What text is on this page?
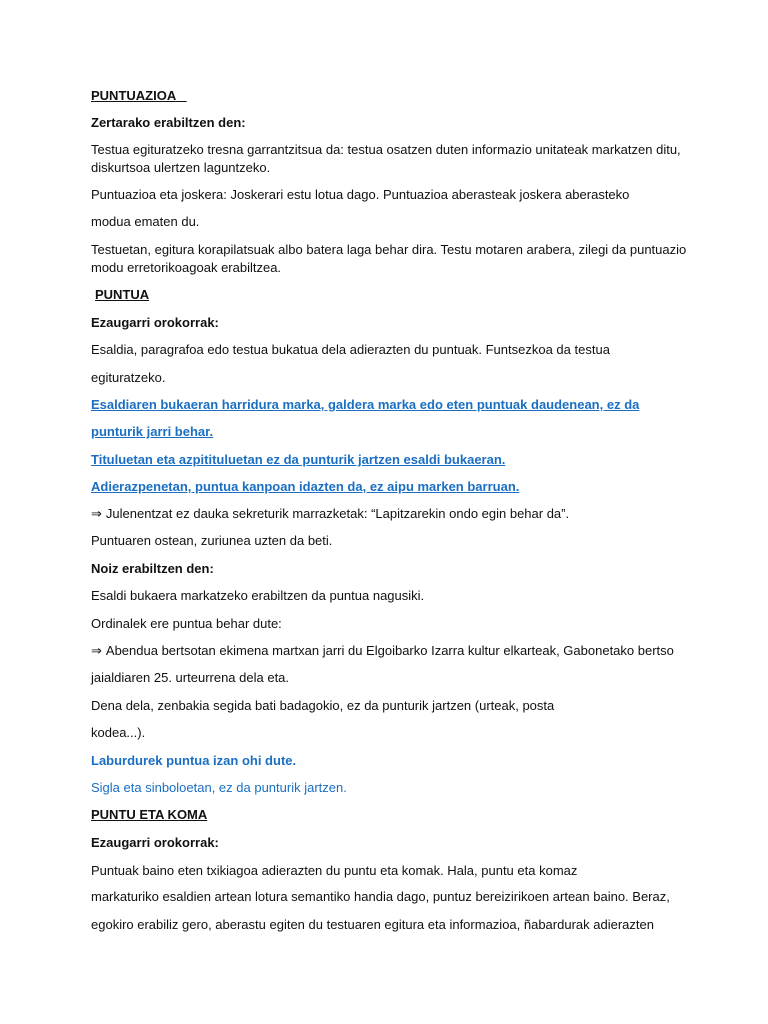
PUNTUAZIOA
Zertarako erabiltzen den:
Testua egituratzeko tresna garrantzitsua da: testua osatzen duten informazio unitateak markatzen ditu,
diskurtsoa ulertzen laguntzeko.
Puntuazioa eta joskera: Joskerari estu lotua dago. Puntuazioa aberasteak joskera aberasteko
modua ematen du.
Testuetan, egitura korapilatsuak albo batera laga behar dira. Testu motaren arabera, zilegi da puntuazio
modu erretorikoagoak erabiltzea.
PUNTUA
Ezaugarri orokorrak:
Esaldia, paragrafoa edo testua bukatua dela adierazten du puntuak. Funtsezkoa da testua
egituratzeko.
Esaldiaren bukaeran harridura marka, galdera marka edo eten puntuak daudenean, ez da
punturik jarri behar.
Tituluetan eta azpitituluetan ez da punturik jartzen esaldi bukaeran.
Adierazpenetan, puntua kanpoan idazten da, ez aipu marken barruan.
⇒ Julenentzat ez dauka sekreturik marrazketak: “Lapitzarekin ondo egin behar da”.
Puntuaren ostean, zuriunea uzten da beti.
Noiz erabiltzen den:
Esaldi bukaera markatzeko erabiltzen da puntua nagusiki.
Ordinalek ere puntua behar dute:
⇒ Abendua bertsotan ekimena martxan jarri du Elgoibarko Izarra kultur elkarteak, Gabonetako bertso
jaialdiaren 25. urteurrena dela eta.
Dena dela, zenbakia segida bati badagokio, ez da punturik jartzen (urteak, posta
kodea...).
Laburdurek puntua izan ohi dute.
Sigla eta sinboloetan, ez da punturik jartzen.
PUNTU ETA KOMA
Ezaugarri orokorrak:
Puntuak baino eten txikiagoa adierazten du puntu eta komak. Hala, puntu eta komaz
markaturiko esaldien artean lotura semantiko handia dago, puntuz bereizirikoen artean baino. Beraz,
egokiro erabiliz gero, aberastu egiten du testuaren egitura eta informazioa, ñabardurak adierazten
